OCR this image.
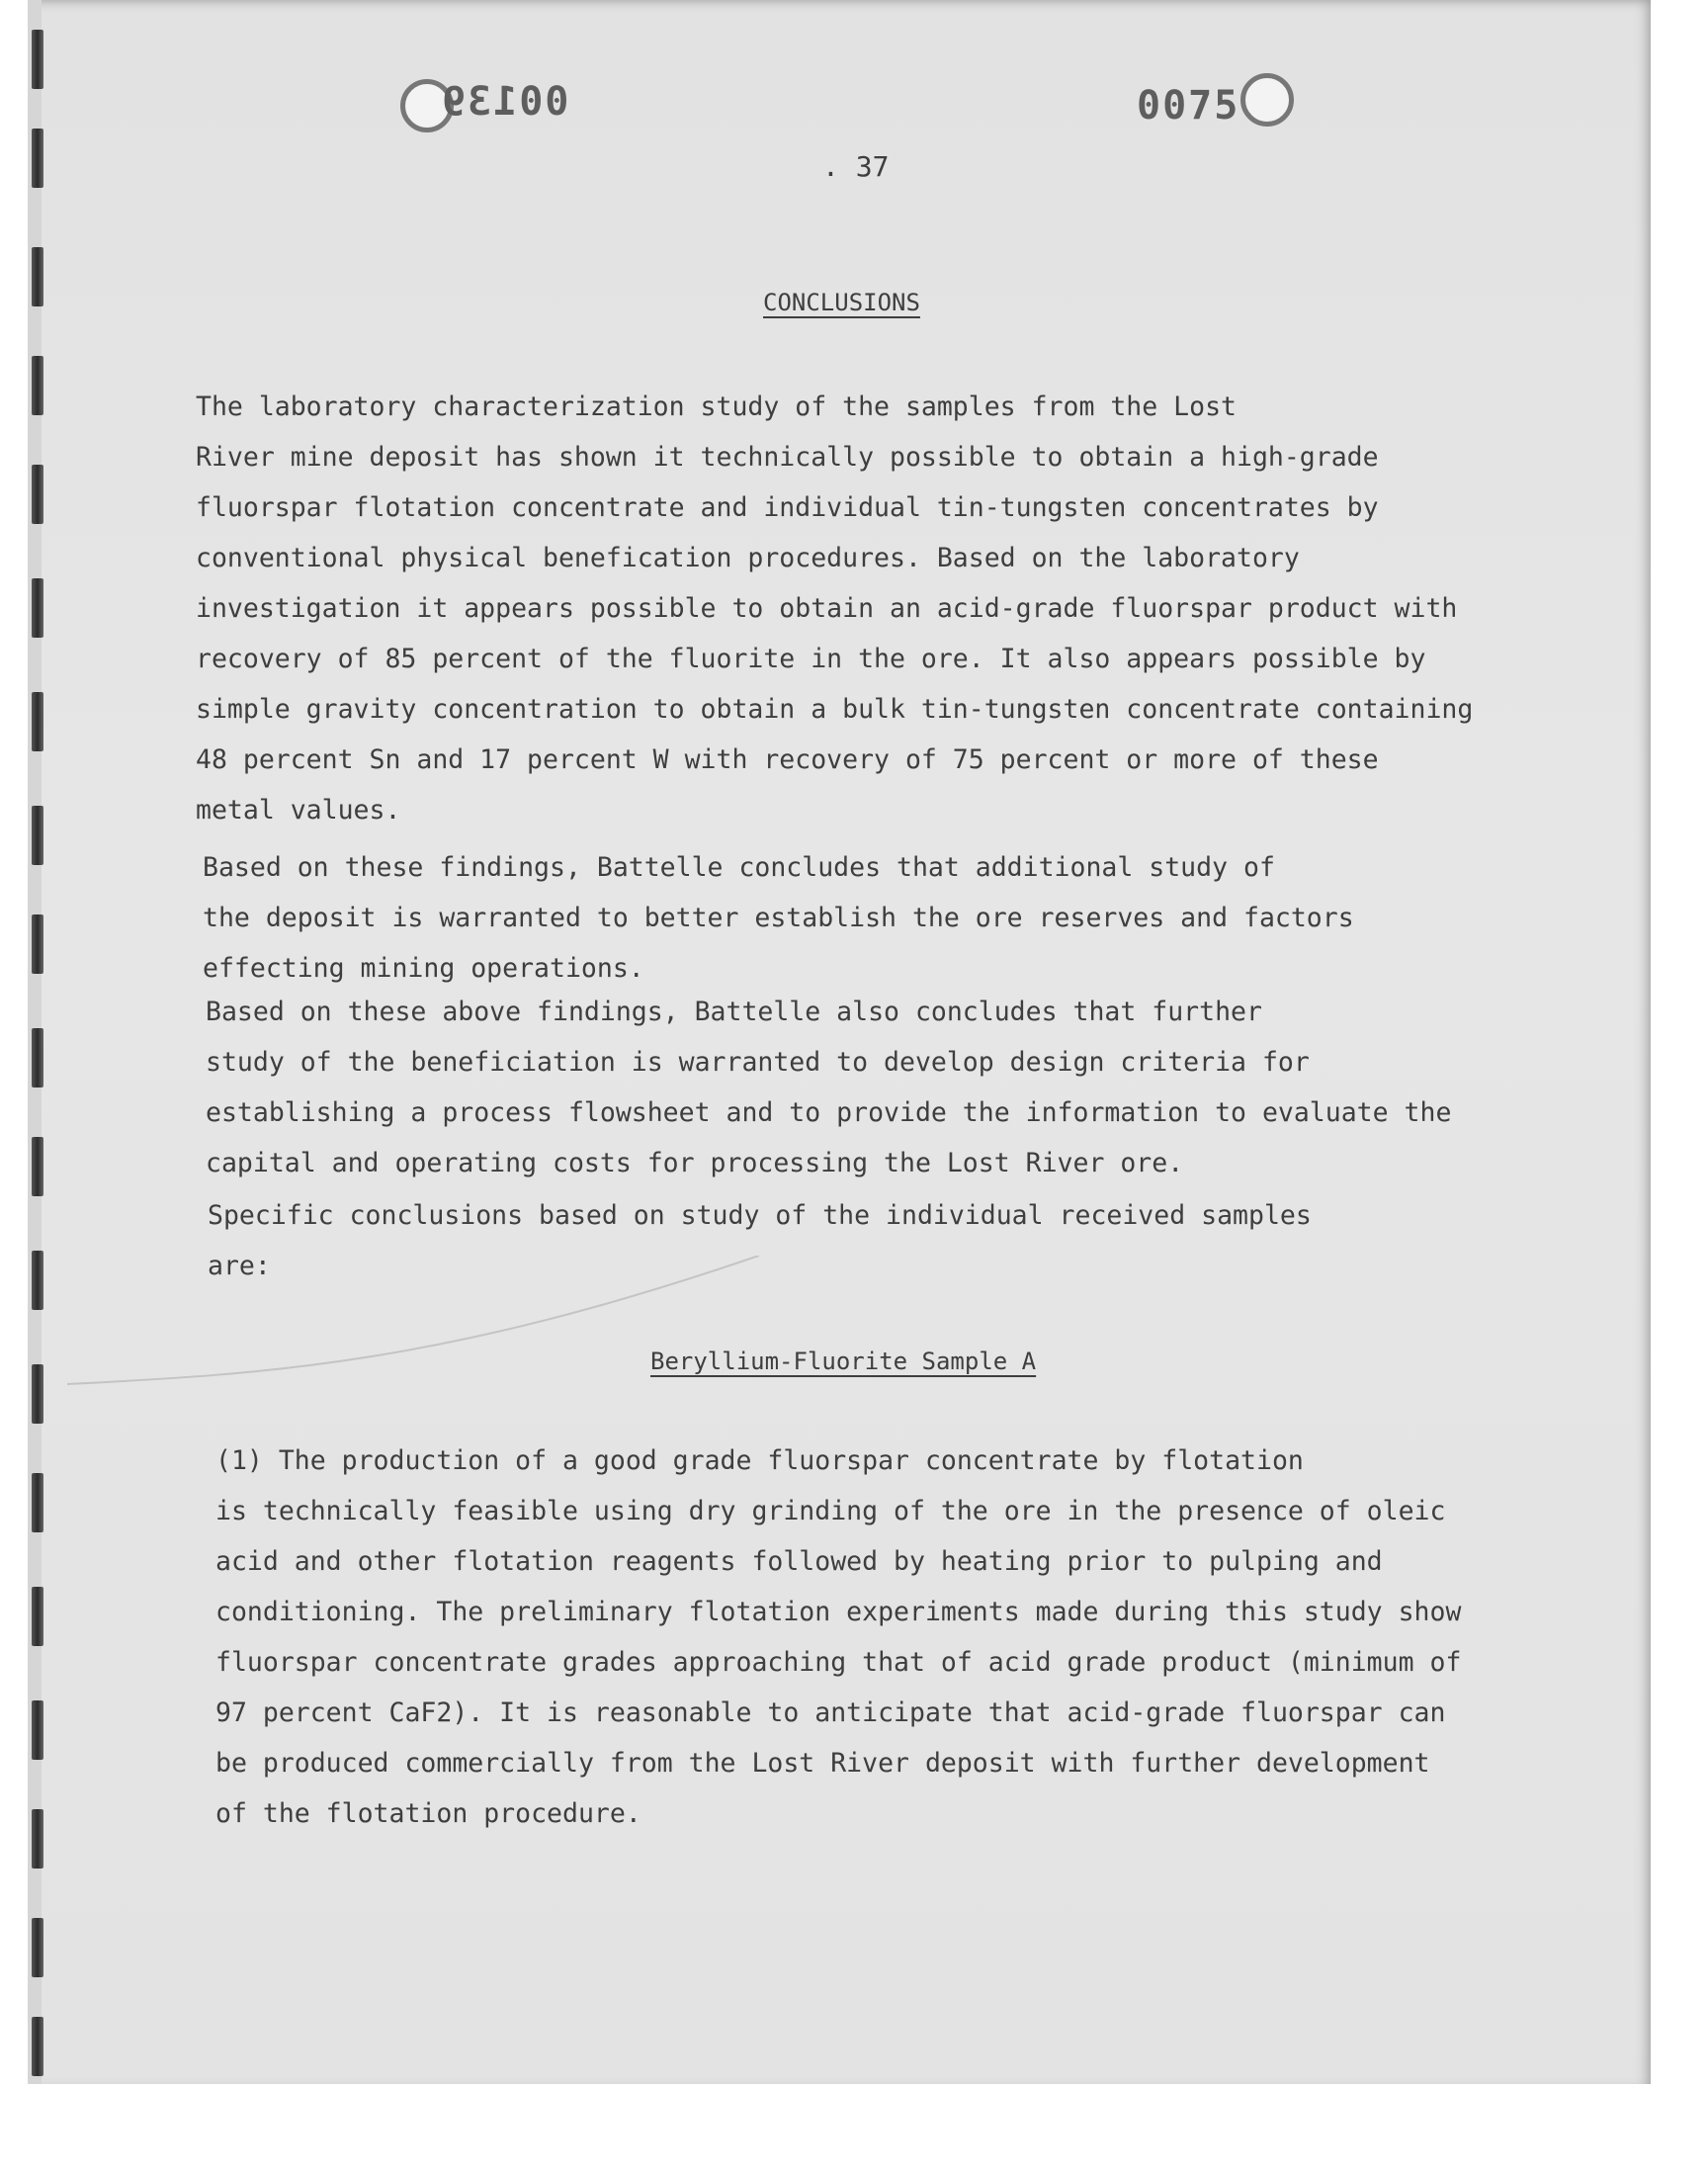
00139	0075
. 37
CONCLUSIONS

The laboratory characterization study of the samples from the Lost
River mine deposit has shown it technically possible to obtain a high-grade
fluorspar flotation concentrate and individual tin-tungsten concentrates by
conventional physical benefication procedures. Based on the laboratory
investigation it appears possible to obtain an acid-grade fluorspar product with
recovery of 85 percent of the fluorite in the ore. It also appears possible by
simple gravity concentration to obtain a bulk tin-tungsten concentrate containing
48 percent Sn and 17 percent W with recovery of 75 percent or more of these
metal values.

Based on these findings, Battelle concludes that additional study of
the deposit is warranted to better establish the ore reserves and factors
effecting mining operations.

Based on these above findings, Battelle also concludes that further
study of the beneficiation is warranted to develop design criteria for
establishing a process flowsheet and to provide the information to evaluate the
capital and operating costs for processing the Lost River ore.

Specific conclusions based on study of the individual received samples
are:

Beryllium-Fluorite Sample A

(1) The production of a good grade fluorspar concentrate by flotation
is technically feasible using dry grinding of the ore in the presence of oleic
acid and other flotation reagents followed by heating prior to pulping and
conditioning. The preliminary flotation experiments made during this study show
fluorspar concentrate grades approaching that of acid grade product (minimum of
97 percent CaF2). It is reasonable to anticipate that acid-grade fluorspar can
be produced commercially from the Lost River deposit with further development
of the flotation procedure.
